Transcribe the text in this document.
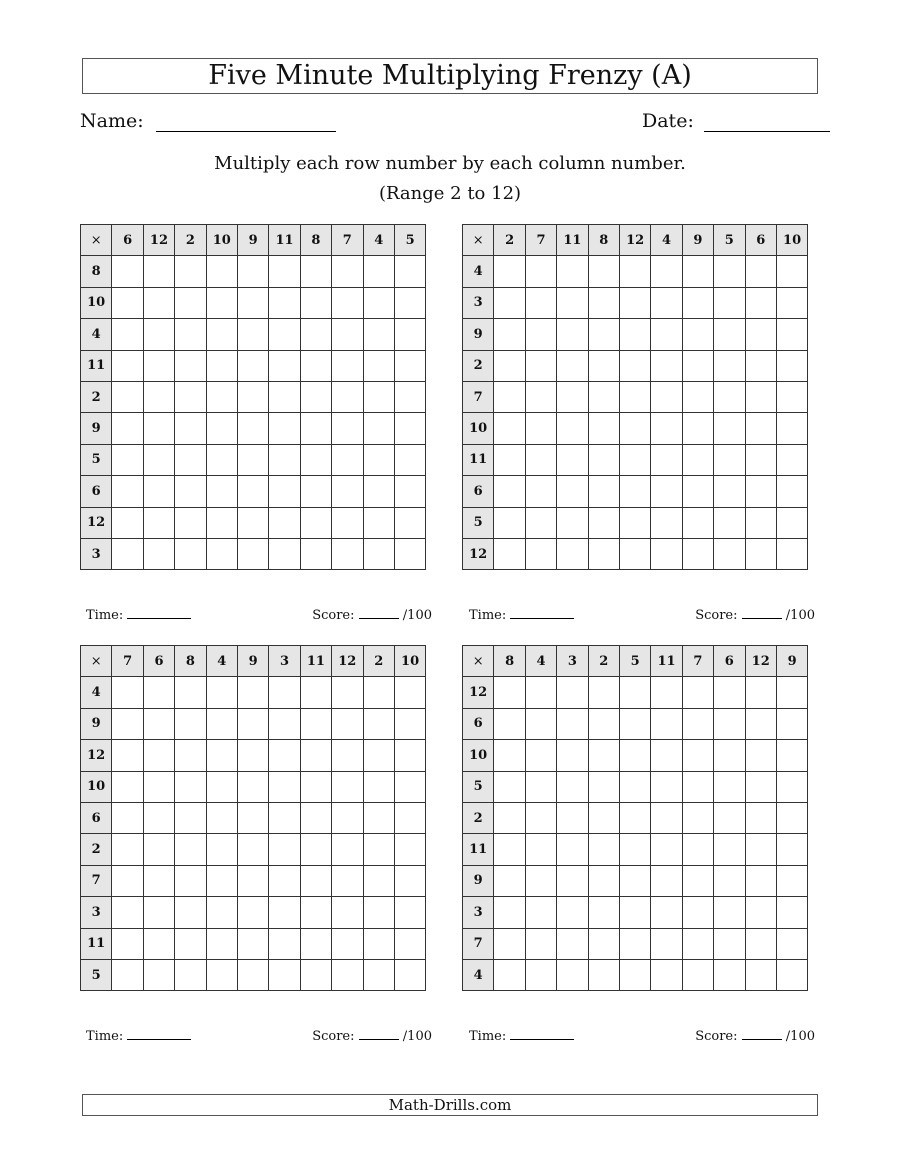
Five Minute Multiplying Frenzy (A)
Name:	Date:
Multiply each row number by each column number.
(Range 2 to 12)
×	6	12	2	10	9	11	8	7	4	5
8										
10										
4										
11										
2										
9										
5										
6										
12										
3										
×	2	7	11	8	12	4	9	5	6	10
4										
3										
9										
2										
7										
10										
11										
6										
5										
12										
×	7	6	8	4	9	3	11	12	2	10
4										
9										
12										
10										
6										
2										
7										
3										
11										
5										
×	8	4	3	2	5	11	7	6	12	9
12										
6										
10										
5										
2										
11										
9										
3										
7										
4										
Time:	Score:	/100	Time:	Score:	/100
Time:	Score:	/100	Time:	Score:	/100
Math-Drills.com
